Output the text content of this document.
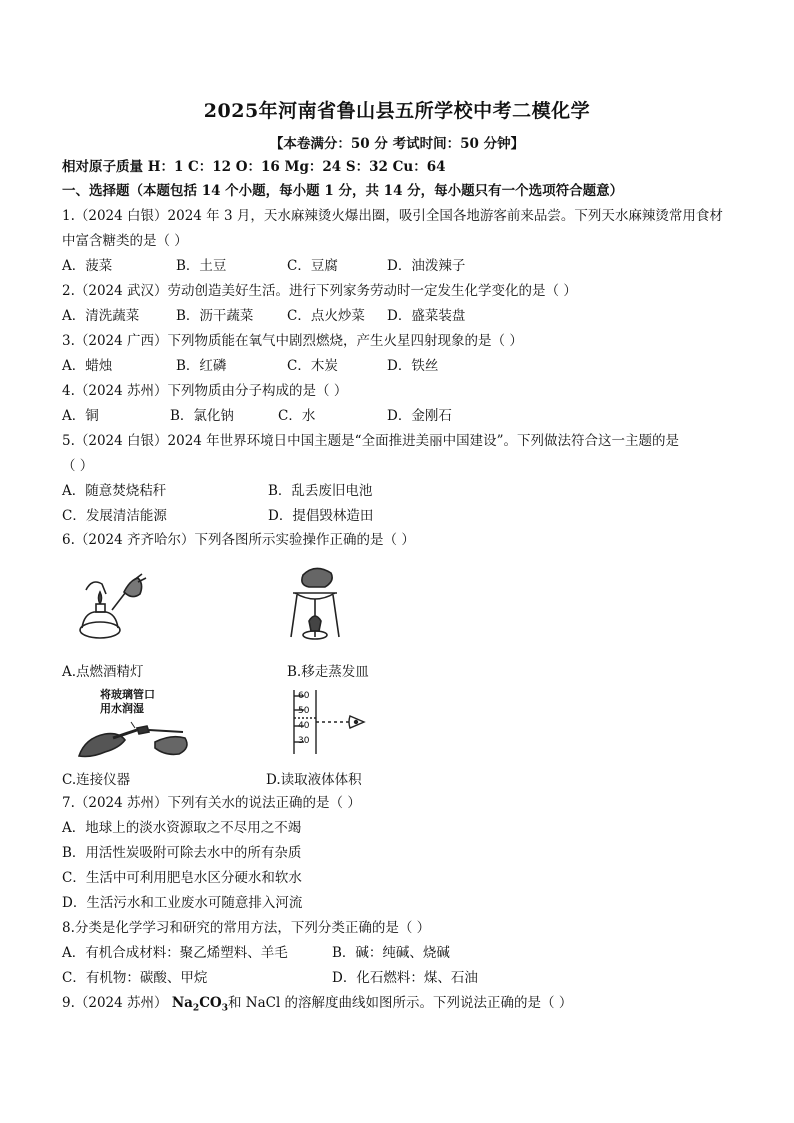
2025年河南省鲁山县五所学校中考二模化学
【本卷满分：50 分 考试时间：50 分钟】
相对原子质量 H：1 C：12 O：16 Mg：24 S：32 Cu：64
一、选择题（本题包括 14 个小题，每小题 1 分，共 14 分，每小题只有一个选项符合题意）
1.（2024 白银）2024 年 3 月，天水麻辣烫火爆出圈，吸引全国各地游客前来品尝。下列天水麻辣烫常用食材
中富含糖类的是（ ）
A．菠菜	B．土豆	C．豆腐	D．油泼辣子
2.（2024 武汉）劳动创造美好生活。进行下列家务劳动时一定发生化学变化的是（ ）
A．清洗蔬菜	B．沥干蔬菜 C．点火炒菜 D．盛菜装盘
3.（2024 广西）下列物质能在氧气中剧烈燃烧，产生火星四射现象的是（ ）
A．蜡烛	B．红磷	C．木炭	D．铁丝
4.（2024 苏州）下列物质由分子构成的是（ ）
A．铜	B．氯化钠	C．水	D．金刚石
5.（2024 白银）2024 年世界环境日中国主题是“全面推进美丽中国建设”。下列做法符合这一主题的是
（ ）
A．随意焚烧秸秆	B．乱丢废旧电池
C．发展清洁能源	D．提倡毁林造田
6.（2024 齐齐哈尔）下列各图所示实验操作正确的是（ ）
A.点燃酒精灯	B.移走蒸发皿
将玻璃管口
用水润湿
C.连接仪器
60
50
40
30
D.读取液体体积
7.（2024 苏州）下列有关水的说法正确的是（ ）
A．地球上的淡水资源取之不尽用之不竭
B．用活性炭吸附可除去水中的所有杂质
C．生活中可利用肥皂水区分硬水和软水
D．生活污水和工业废水可随意排入河流
8.分类是化学学习和研究的常用方法，下列分类正确的是（ ）
A．有机合成材料：聚乙烯塑料、羊毛	B．碱：纯碱、烧碱
C．有机物：碳酸、甲烷	D．化石燃料：煤、石油
9.（2024 苏州） $Na_2CO_3$和 NaCl 的溶解度曲线如图所示。下列说法正确的是（ ）
